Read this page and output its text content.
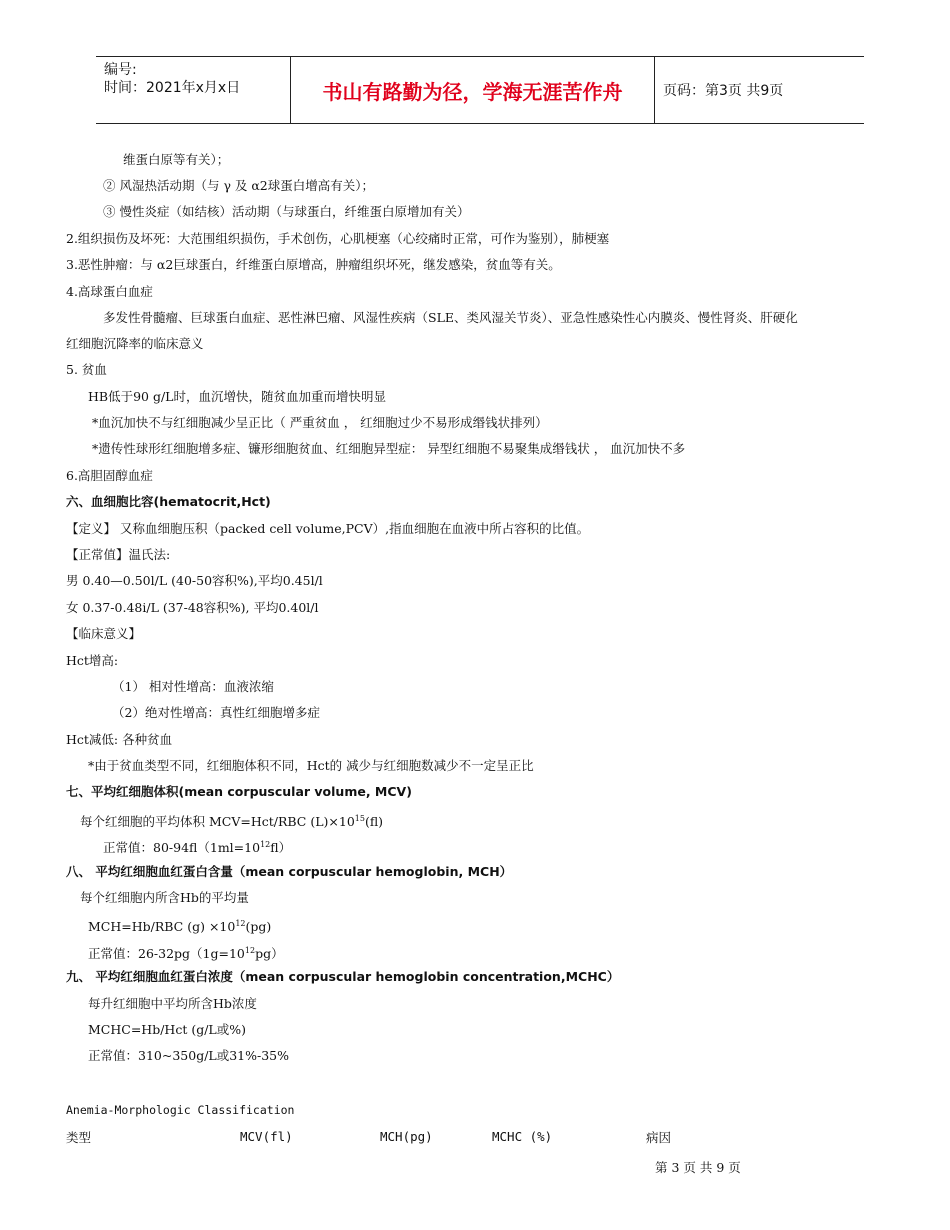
编号:
时间：2021年x月x日	书山有路勤为径，学海无涯苦作舟	页码：第3页 共9页
维蛋白原等有关）；
② 风湿热活动期（与 γ 及 α2球蛋白增高有关）；
③ 慢性炎症（如结核）活动期（与球蛋白，纤维蛋白原增加有关）
2.组织损伤及坏死：大范围组织损伤，手术创伤，心肌梗塞（心绞痛时正常，可作为鉴别），肺梗塞
3.恶性肿瘤：与 α2巨球蛋白，纤维蛋白原增高，肿瘤组织坏死，继发感染，贫血等有关。
4.高球蛋白血症
多发性骨髓瘤、巨球蛋白血症、恶性淋巴瘤、风湿性疾病（SLE、类风湿关节炎）、亚急性感染性心内膜炎、慢性肾炎、肝硬化
红细胞沉降率的临床意义
5. 贫血
HB低于90 g/L时，血沉增快，随贫血加重而增快明显
*血沉加快不与红细胞减少呈正比（ 严重贫血 ， 红细胞过少不易形成缗钱状排列）
*遗传性球形红细胞增多症、镰形细胞贫血、红细胞异型症： 异型红细胞不易聚集成缗钱状 ， 血沉加快不多
6.高胆固醇血症
六、血细胞比容(hematocrit,Hct)
【定义】 又称血细胞压积（packed cell volume,PCV）,指血细胞在血液中所占容积的比值。
【正常值】温氏法:
男 0.40—0.50l/L (40-50容积%),平均0.45l/l
女 0.37-0.48i/L (37-48容积%), 平均0.40l/l
【临床意义】
Hct增高:
（1） 相对性增高：血液浓缩
（2）绝对性增高：真性红细胞增多症
Hct减低: 各种贫血
*由于贫血类型不同，红细胞体积不同，Hct的 减少与红细胞数减少不一定呈正比
七、平均红细胞体积(mean corpuscular volume, MCV)
每个红细胞的平均体积 MCV=Hct/RBC $(L)\times 10^{15}(fl)$
正常值：$80-94fl(1ml=10^{12}fl)$
八、 平均红细胞血红蛋白含量（mean corpuscular hemoglobin, MCH）
每个红细胞内所含Hb的平均量
MCH=Hb/RBC $(g) \times 10^{12}(pg)$
正常值：$26-32pg(1g=10^{12}pg)$
九、 平均红细胞血红蛋白浓度（mean corpuscular hemoglobin concentration,MCHC）
每升红细胞中平均所含Hb浓度
MCHC=Hb/Hct (g/L或%)
正常值：310~350g/L或31%-35%
Anemia-Morphologic Classification
类型	MCV(fl)	MCH(pg)	MCHC (%)	病因
第 3 页 共 9 页
